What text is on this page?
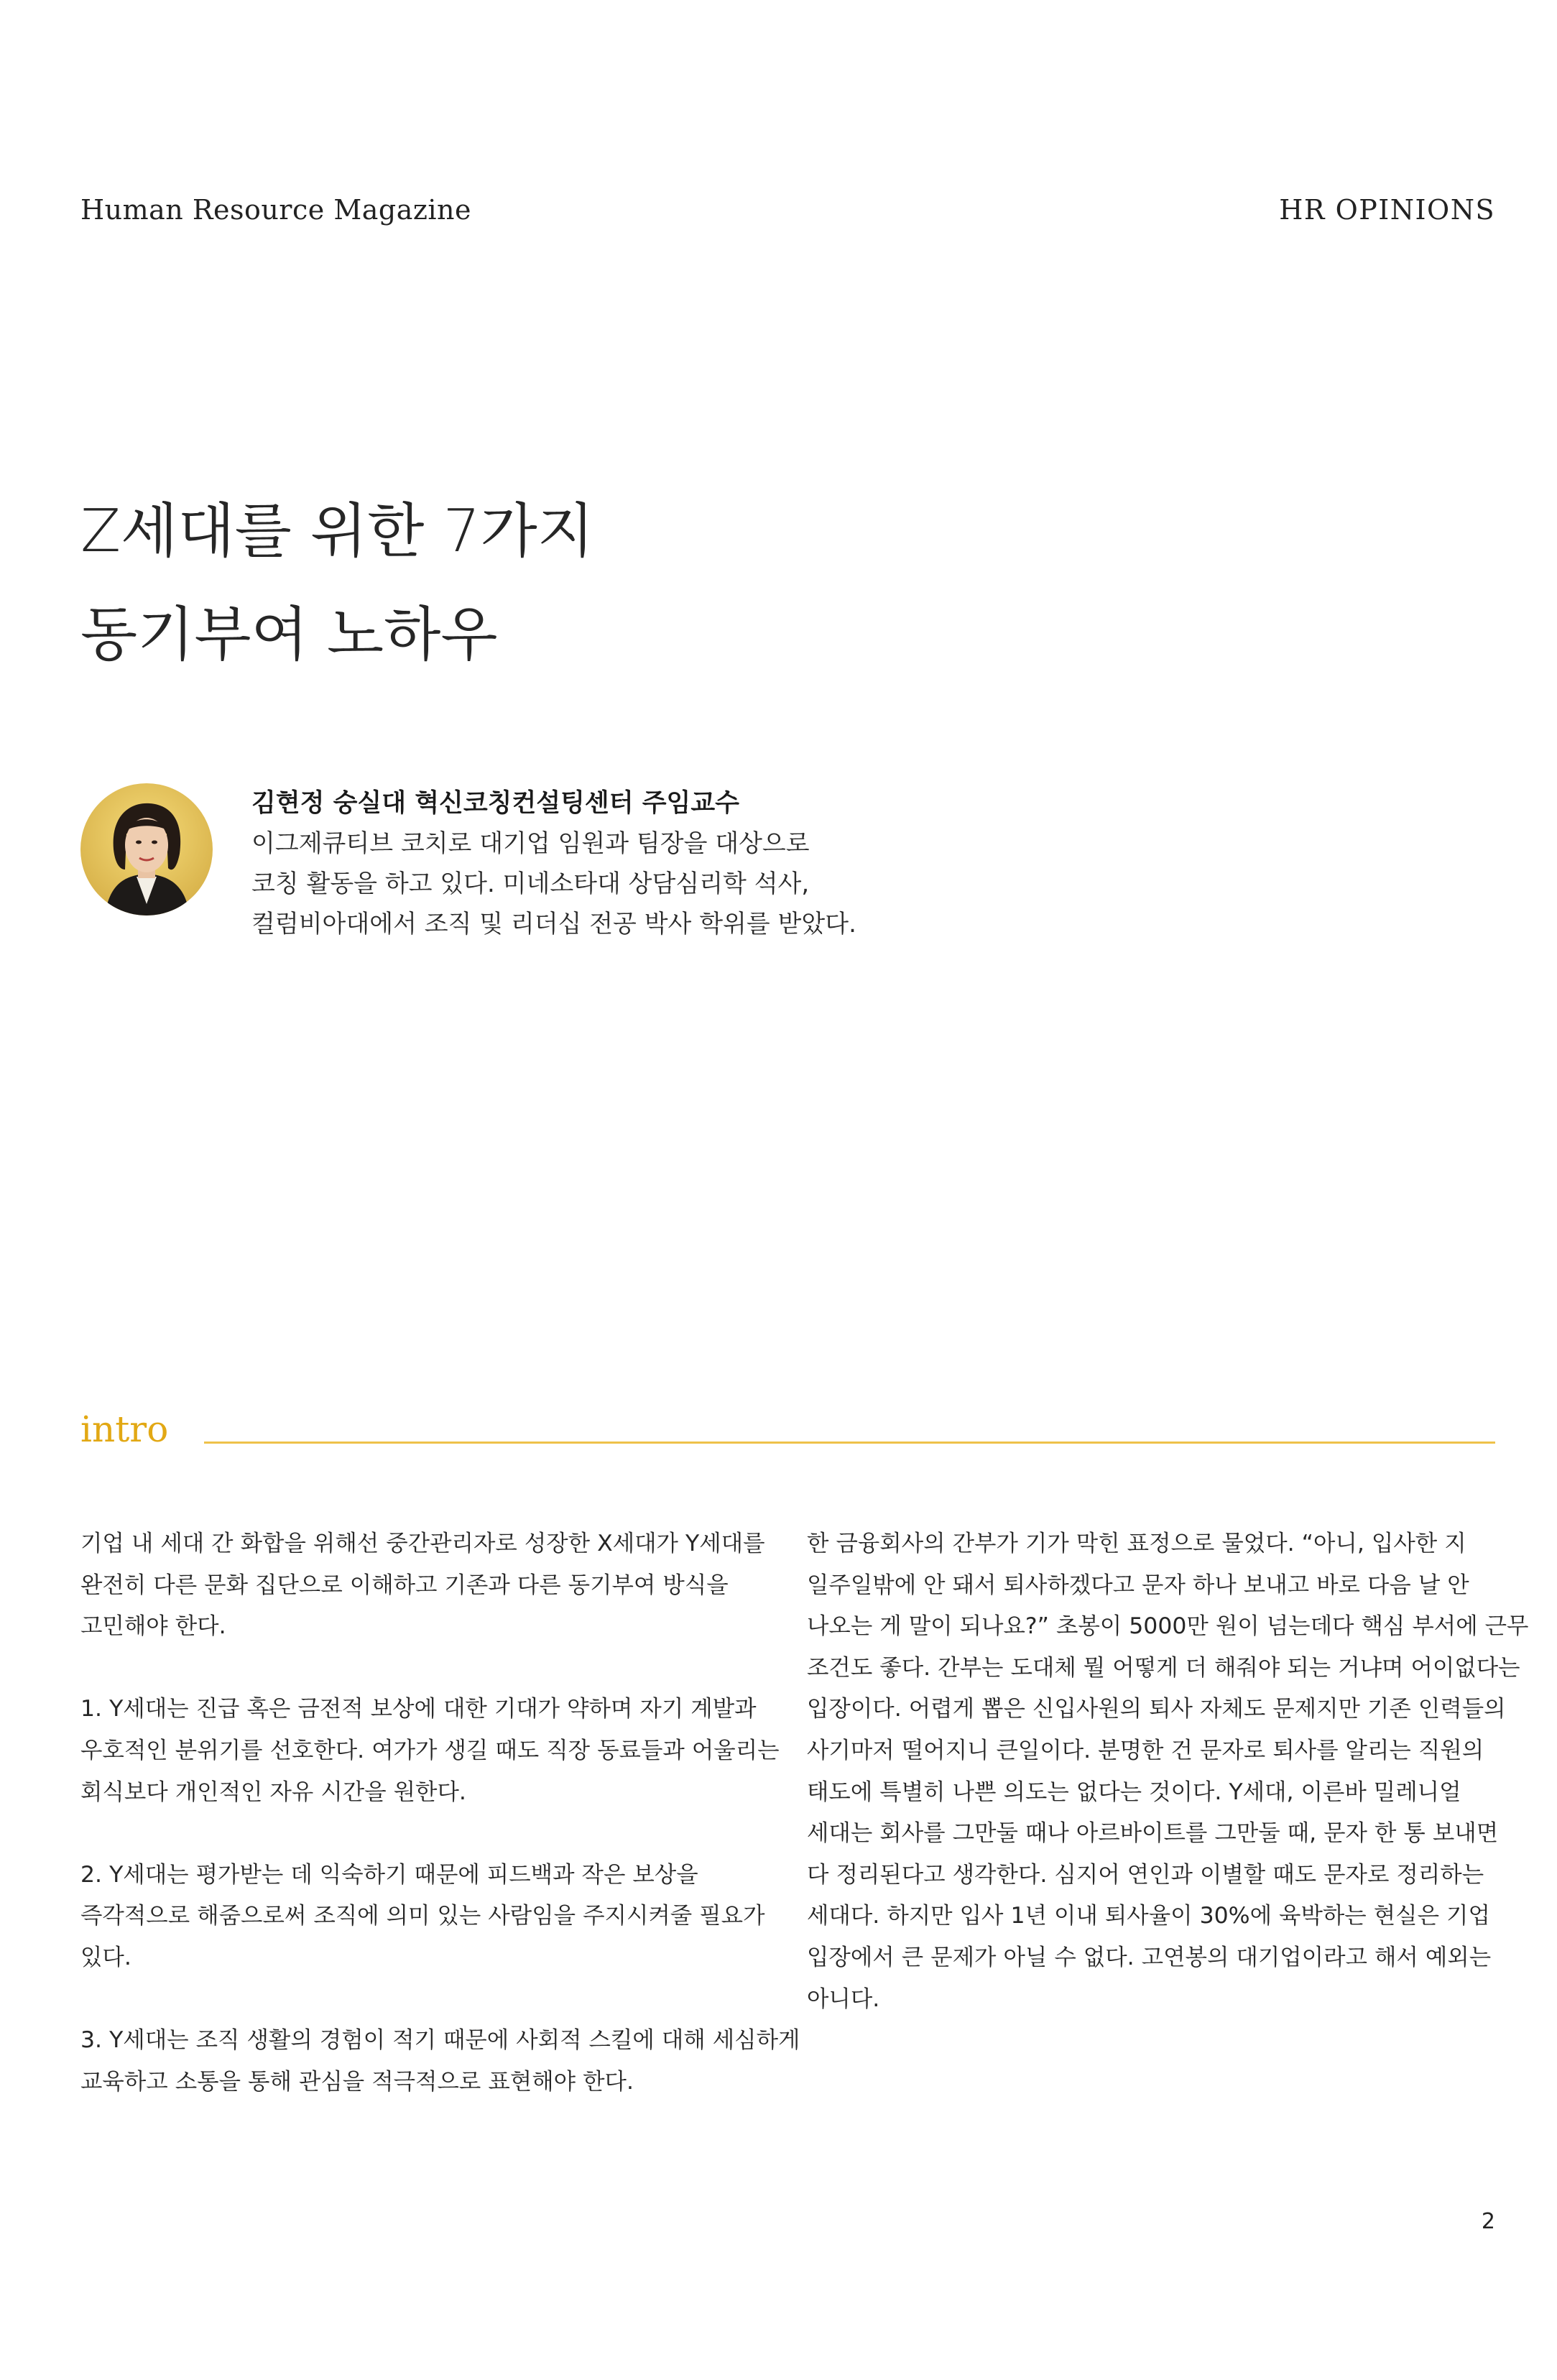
Human Resource Magazine	HR OPINIONS
Z세대를 위한 7가지
동기부여 노하우

김현정 숭실대 혁신코칭컨설팅센터 주임교수

이그제큐티브 코치로 대기업 임원과 팀장을 대상으로

코칭 활동을 하고 있다. 미네소타대 상담심리학 석사,

컬럼비아대에서 조직 및 리더십 전공 박사 학위를 받았다.

intro

기업 내 세대 간 화합을 위해선 중간관리자로 성장한 X세대가 Y세대를
완전히 다른 문화 집단으로 이해하고 기존과 다른 동기부여 방식을
고민해야 한다.

1. Y세대는 진급 혹은 금전적 보상에 대한 기대가 약하며 자기 계발과
우호적인 분위기를 선호한다. 여가가 생길 때도 직장 동료들과 어울리는
회식보다 개인적인 자유 시간을 원한다.

2. Y세대는 평가받는 데 익숙하기 때문에 피드백과 작은 보상을
즉각적으로 해줌으로써 조직에 의미 있는 사람임을 주지시켜줄 필요가
있다.

3. Y세대는 조직 생활의 경험이 적기 때문에 사회적 스킬에 대해 세심하게
교육하고 소통을 통해 관심을 적극적으로 표현해야 한다.

한 금융회사의 간부가 기가 막힌 표정으로 물었다. “아니, 입사한 지
일주일밖에 안 돼서 퇴사하겠다고 문자 하나 보내고 바로 다음 날 안
나오는 게 말이 되나요?” 초봉이 5000만 원이 넘는데다 핵심 부서에 근무
조건도 좋다. 간부는 도대체 뭘 어떻게 더 해줘야 되는 거냐며 어이없다는
입장이다. 어렵게 뽑은 신입사원의 퇴사 자체도 문제지만 기존 인력들의
사기마저 떨어지니 큰일이다. 분명한 건 문자로 퇴사를 알리는 직원의
태도에 특별히 나쁜 의도는 없다는 것이다. Y세대, 이른바 밀레니얼
세대는 회사를 그만둘 때나 아르바이트를 그만둘 때, 문자 한 통 보내면
다 정리된다고 생각한다. 심지어 연인과 이별할 때도 문자로 정리하는
세대다. 하지만 입사 1년 이내 퇴사율이 30%에 육박하는 현실은 기업
입장에서 큰 문제가 아닐 수 없다. 고연봉의 대기업이라고 해서 예외는
아니다.

2
